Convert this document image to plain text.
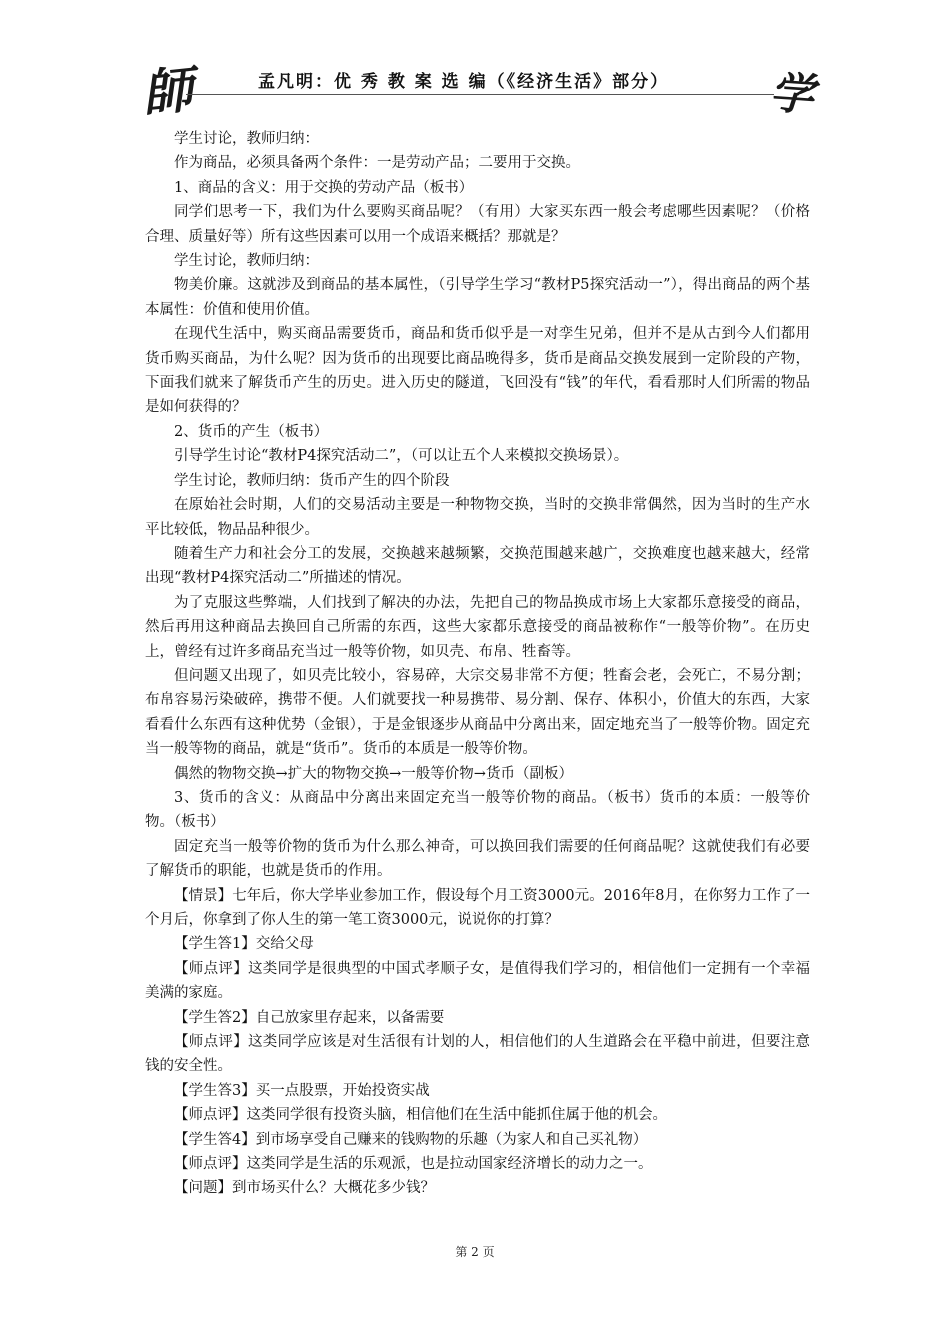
師	孟凡明：优 秀 教 案 选 编（《经济生活》部分） 学

学生讨论，教师归纳：

作为商品，必须具备两个条件：一是劳动产品；二要用于交换。

1、商品的含义：用于交换的劳动产品（板书）

同学们思考一下，我们为什么要购买商品呢？（有用）大家买东西一般会考虑哪些因素呢？（价格合理、质量好等）所有这些因素可以用一个成语来概括？那就是？

学生讨论，教师归纳：

物美价廉。这就涉及到商品的基本属性，（引导学生学习“教材P5探究活动一”），得出商品的两个基本属性：价值和使用价值。

在现代生活中，购买商品需要货币，商品和货币似乎是一对孪生兄弟，但并不是从古到今人们都用货币购买商品，为什么呢？因为货币的出现要比商品晚得多，货币是商品交换发展到一定阶段的产物，下面我们就来了解货币产生的历史。进入历史的隧道，飞回没有“钱”的年代，看看那时人们所需的物品是如何获得的？

2、货币的产生（板书）

引导学生讨论“教材P4探究活动二”，（可以让五个人来模拟交换场景）。

学生讨论，教师归纳：货币产生的四个阶段

在原始社会时期，人们的交易活动主要是一种物物交换，当时的交换非常偶然，因为当时的生产水平比较低，物品品种很少。

随着生产力和社会分工的发展，交换越来越频繁，交换范围越来越广，交换难度也越来越大，经常出现“教材P4探究活动二”所描述的情况。

为了克服这些弊端，人们找到了解决的办法，先把自己的物品换成市场上大家都乐意接受的商品，然后再用这种商品去换回自己所需的东西，这些大家都乐意接受的商品被称作“一般等价物”。在历史上，曾经有过许多商品充当过一般等价物，如贝壳、布帛、牲畜等。

但问题又出现了，如贝壳比较小，容易碎，大宗交易非常不方便；牲畜会老，会死亡，不易分割；布帛容易污染破碎，携带不便。人们就要找一种易携带、易分割、保存、体积小，价值大的东西，大家看看什么东西有这种优势（金银），于是金银逐步从商品中分离出来，固定地充当了一般等价物。固定充当一般等物的商品，就是“货币”。货币的本质是一般等价物。

偶然的物物交换→扩大的物物交换→一般等价物→货币（副板）

3、货币的含义：从商品中分离出来固定充当一般等价物的商品。（板书）货币的本质：一般等价物。（板书）

固定充当一般等价物的货币为什么那么神奇，可以换回我们需要的任何商品呢？这就使我们有必要了解货币的职能，也就是货币的作用。

【情景】七年后，你大学毕业参加工作，假设每个月工资3000元。2016年8月，在你努力工作了一个月后，你拿到了你人生的第一笔工资3000元，说说你的打算？

【学生答1】交给父母

【师点评】这类同学是很典型的中国式孝顺子女，是值得我们学习的，相信他们一定拥有一个幸福美满的家庭。

【学生答2】自己放家里存起来，以备需要

【师点评】这类同学应该是对生活很有计划的人，相信他们的人生道路会在平稳中前进，但要注意钱的安全性。

【学生答3】买一点股票，开始投资实战

【师点评】这类同学很有投资头脑，相信他们在生活中能抓住属于他的机会。

【学生答4】到市场享受自己赚来的钱购物的乐趣（为家人和自己买礼物）

【师点评】这类同学是生活的乐观派，也是拉动国家经济增长的动力之一。

【问题】到市场买什么？大概花多少钱？

第 2 页
